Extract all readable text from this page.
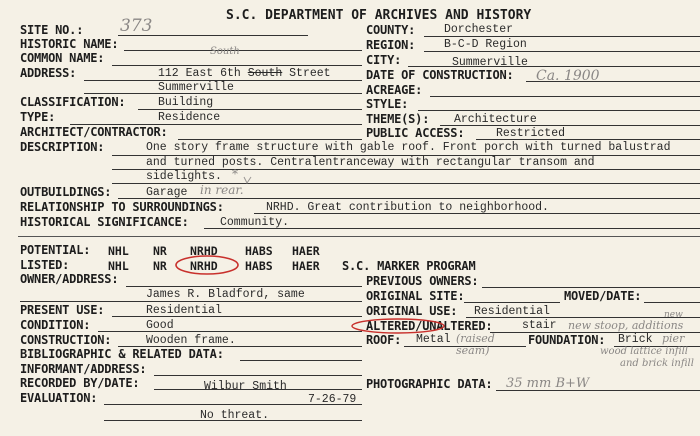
S.C. DEPARTMENT OF ARCHIVES AND HISTORY
373
SITE NO.:
HISTORIC NAME:
COMMON NAME:
ADDRESS:
CLASSIFICATION:
TYPE:
ARCHITECT/CONTRACTOR:
DESCRIPTION:
South
112 East 6th South Street
Summerville
Building
Residence
One story frame structure with gable roof. Front porch with turned balustrad
and turned posts. Centralentranceway with rectangular transom and
sidelights. *
COUNTY:
REGION:
CITY:
DATE OF CONSTRUCTION:
ACREAGE:
STYLE:
THEME(S):
PUBLIC ACCESS:
Dorchester
B-C-D Region
Summerville
Ca. 1900
Architecture
Restricted
OUTBUILDINGS:
RELATIONSHIP TO SURROUNDINGS:
HISTORICAL SIGNIFICANCE:
Garage in rear.
NRHD. Great contribution to neighborhood.
Community.
POTENTIAL:
LISTED:
NHL NR NRHD HABS HAER
NHL NR NRHD HABS HAER
OWNER/ADDRESS:
James R. Bladford, same
PRESENT USE:
CONDITION:
CONSTRUCTION:
BIBLIOGRAPHIC & RELATED DATA:
INFORMANT/ADDRESS:
RECORDED BY/DATE:
EVALUATION:
Residential
Good
Wooden frame.
Wilbur Smith
7-26-79
No threat.
S.C. MARKER PROGRAM
PREVIOUS OWNERS:
ORIGINAL SITE:	MOVED/DATE:
ORIGINAL USE:
ALTERED/UNALTERED:
ROOF:	FOUNDATION:
PHOTOGRAPHIC DATA:
Residential
stair new stoop, additions
new
Metal (raised seam)
Brick pier
wood lattice infill
and brick infill
35 mm B+W
